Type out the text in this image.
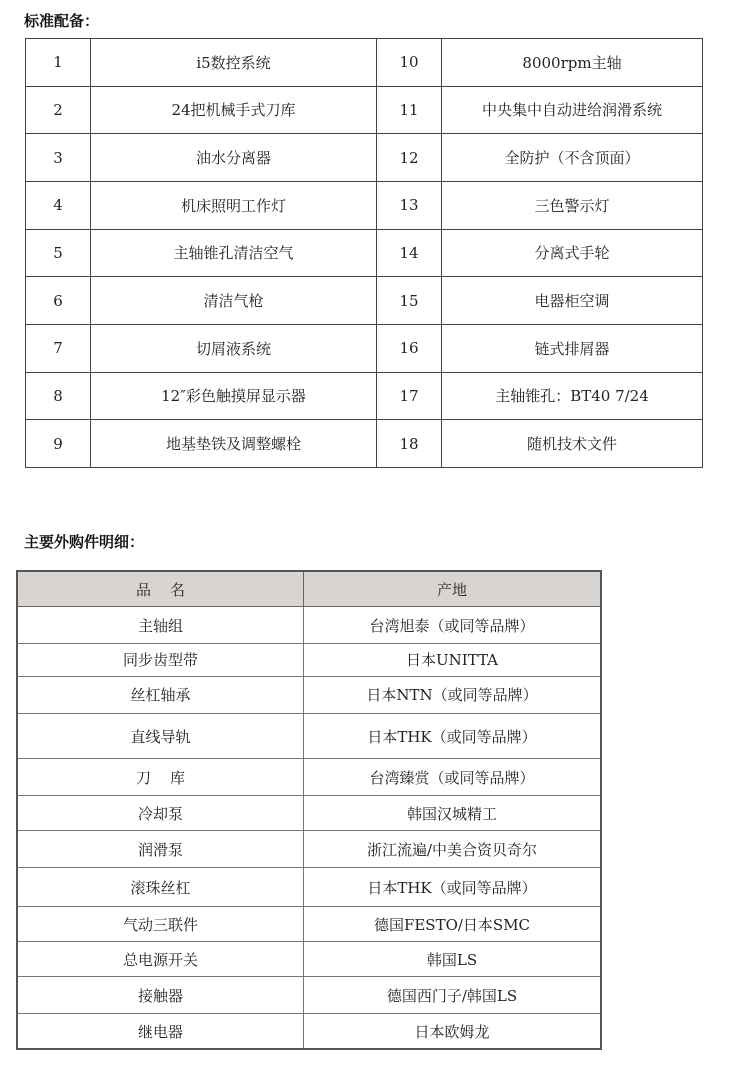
标准配备：
1	i5数控系统	10	8000rpm主轴
2	24把机械手式刀库	11	中央集中自动进给润滑系统
3	油水分离器	12	全防护（不含顶面）
4	机床照明工作灯	13	三色警示灯
5	主轴锥孔清洁空气	14	分离式手轮
6	清洁气枪	15	电器柜空调
7	切屑液系统	16	链式排屑器
8	12″彩色触摸屏显示器	17	主轴锥孔：BT40 7/24
9	地基垫铁及调整螺栓	18	随机技术文件
主要外购件明细：
品    名	产地
主轴组	台湾旭泰（或同等品牌）
同步齿型带	日本UNITTA
丝杠轴承	日本NTN（或同等品牌）
直线导轨	日本THK（或同等品牌）
刀    库	台湾臻赏（或同等品牌）
冷却泵	韩国汉城精工
润滑泵	浙江流遍/中美合资贝奇尔
滚珠丝杠	日本THK（或同等品牌）
气动三联件	德国FESTO/日本SMC
总电源开关	韩国LS
接触器	德国西门子/韩国LS
继电器	日本欧姆龙
